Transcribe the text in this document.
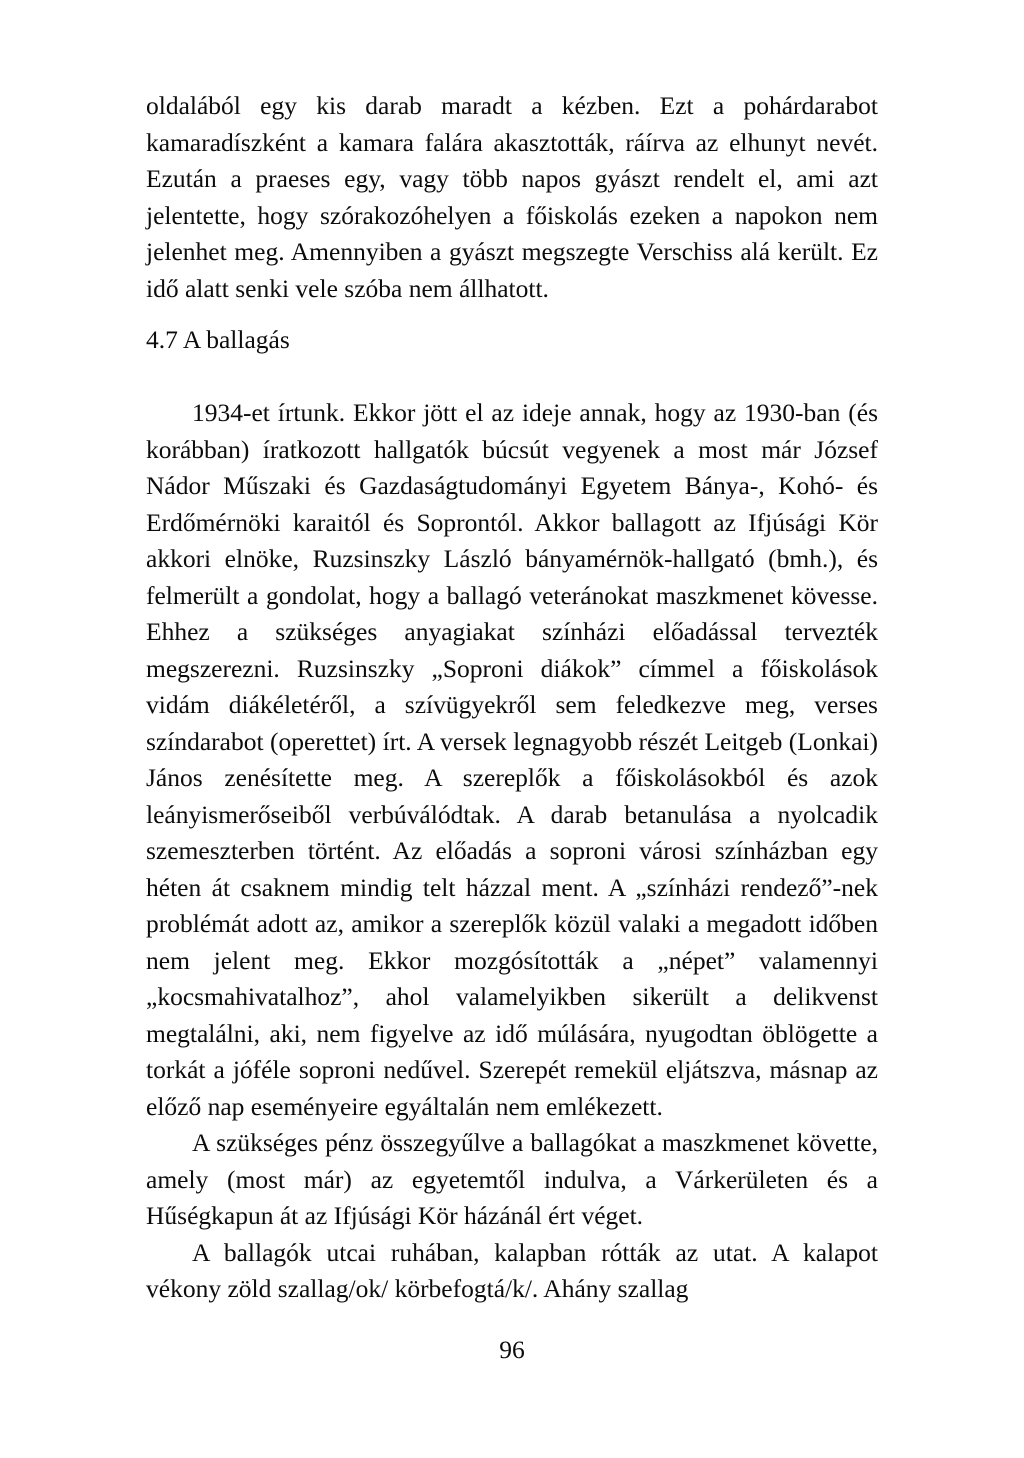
oldalából egy kis darab maradt a kézben. Ezt a pohárdarabot kamaradíszként a kamara falára akasztották, ráírva az elhunyt nevét. Ezután a praeses egy, vagy több napos gyászt rendelt el, ami azt jelentette, hogy szórakozóhelyen a főiskolás ezeken a napokon nem jelenhet meg. Amennyiben a gyászt megszegte Verschiss alá került. Ez idő alatt senki vele szóba nem állhatott.

4.7 A ballagás

1934-et írtunk. Ekkor jött el az ideje annak, hogy az 1930-ban (és korábban) íratkozott hallgatók búcsút vegyenek a most már József Nádor Műszaki és Gazdaságtudományi Egyetem Bánya-, Kohó- és Erdőmérnöki karaitól és Soprontól. Akkor ballagott az Ifjúsági Kör akkori elnöke, Ruzsinszky László bányamérnök-hallgató (bmh.), és felmerült a gondolat, hogy a ballagó veteránokat maszkmenet kövesse. Ehhez a szükséges anyagiakat színházi előadással tervezték megszerezni. Ruzsinszky „Soproni diákok” címmel a főiskolások vidám diákéletéről, a szívügyekről sem feledkezve meg, verses színdarabot (operettet) írt. A versek legnagyobb részét Leitgeb (Lonkai) János zenésítette meg. A szereplők a főiskolásokból és azok leányismerőseiből verbúválódtak. A darab betanulása a nyolcadik szemeszterben történt. Az előadás a soproni városi színházban egy héten át csaknem mindig telt házzal ment. A „színházi rendező”-nek problémát adott az, amikor a szereplők közül valaki a megadott időben nem jelent meg. Ekkor mozgósították a „népet” valamennyi „kocsmahivatalhoz”, ahol valamelyikben sikerült a delikvenst megtalálni, aki, nem figyelve az idő múlására, nyugodtan öblögette a torkát a jóféle soproni nedűvel. Szerepét remekül eljátszva, másnap az előző nap eseményeire egyáltalán nem emlékezett.

A szükséges pénz összegyűlve a ballagókat a maszkmenet követte, amely (most már) az egyetemtől indulva, a Várkerületen és a Hűségkapun át az Ifjúsági Kör házánál ért véget.

A ballagók utcai ruhában, kalapban rótták az utat. A kalapot vékony zöld szallag/ok/ körbefogtá/k/. Ahány szallag

96
